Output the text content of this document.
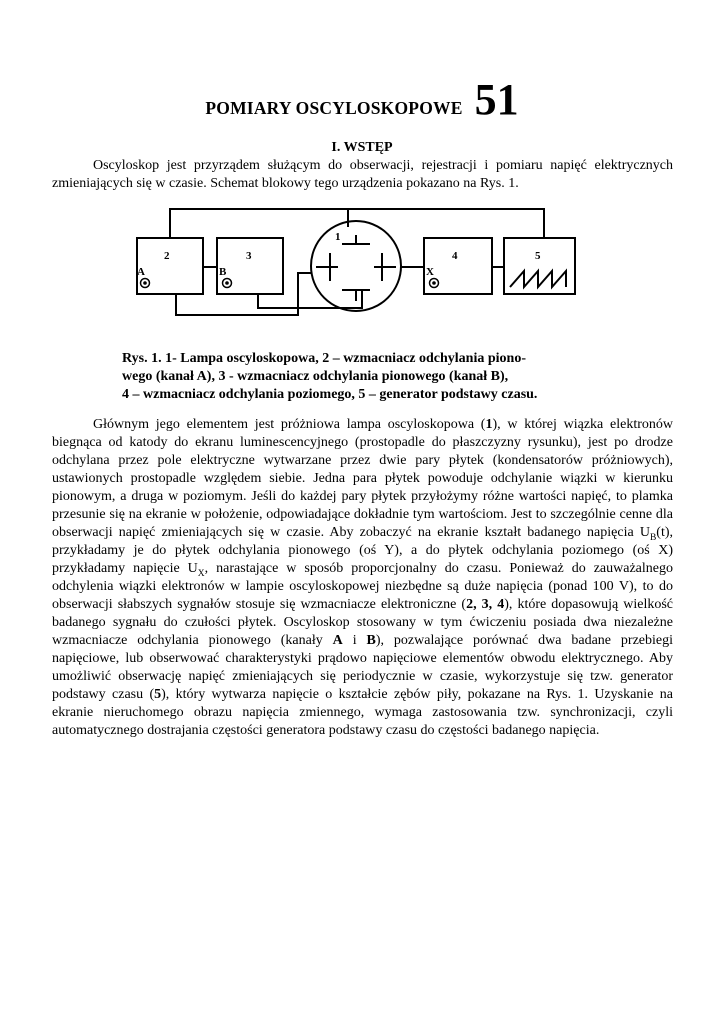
POMIARY OSCYLOSKOPOWE 51
I. WSTĘP

Oscyloskop jest przyrządem służącym do obserwacji, rejestracji i pomiaru napięć elektrycznych zmieniających się w czasie. Schemat blokowy tego urządzenia pokazano na Rys. 1.

1
2
A
3
B
4
X
5
Rys. 1. 1- Lampa oscyloskopowa, 2 – wzmacniacz odchylania piono-
wego (kanał A), 3 - wzmacniacz odchylania pionowego (kanał B),
4 – wzmacniacz odchylania poziomego, 5 – generator podstawy czasu.

Głównym jego elementem jest próżniowa lampa oscyloskopowa (1), w której wiązka elektronów biegnąca od katody do ekranu luminescencyjnego (prostopadle do płaszczyzny rysunku), jest po drodze odchylana przez pole elektryczne wytwarzane przez dwie pary płytek (kondensatorów próżniowych), ustawionych prostopadle względem siebie. Jedna para płytek powoduje odchylanie wiązki w kierunku pionowym, a druga w poziomym. Jeśli do każdej pary płytek przyłożymy różne wartości napięć, to plamka przesunie się na ekranie w położenie, odpowiadające dokładnie tym wartościom. Jest to szczególnie cenne dla obserwacji napięć zmieniających się w czasie. Aby zobaczyć na ekranie kształt badanego napięcia $U_B(t)$, przykładamy je do płytek odchylania pionowego (oś Y), a do płytek odchylania poziomego (oś X) przykładamy napięcie $U_X$, narastające w sposób proporcjonalny do czasu. Ponieważ do zauważalnego odchylenia wiązki elektronów w lampie oscyloskopowej niezbędne są duże napięcia (ponad 100 V), to do obserwacji słabszych sygnałów stosuje się wzmacniacze elektroniczne (2, 3, 4), które dopasowują wielkość badanego sygnału do czułości płytek. Oscyloskop stosowany w tym ćwiczeniu posiada dwa niezależne wzmacniacze odchylania pionowego (kanały A i B), pozwalające porównać dwa badane przebiegi napięciowe, lub obserwować charakterystyki prądowo napięciowe elementów obwodu elektrycznego. Aby umożliwić obserwację napięć zmieniających się periodycznie w czasie, wykorzystuje się tzw. generator podstawy czasu (5), który wytwarza napięcie o kształcie zębów piły, pokazane na Rys. 1. Uzyskanie na ekranie nieruchomego obrazu napięcia zmiennego, wymaga zastosowania tzw. synchronizacji, czyli automatycznego dostrajania częstości generatora podstawy czasu do częstości badanego napięcia.
